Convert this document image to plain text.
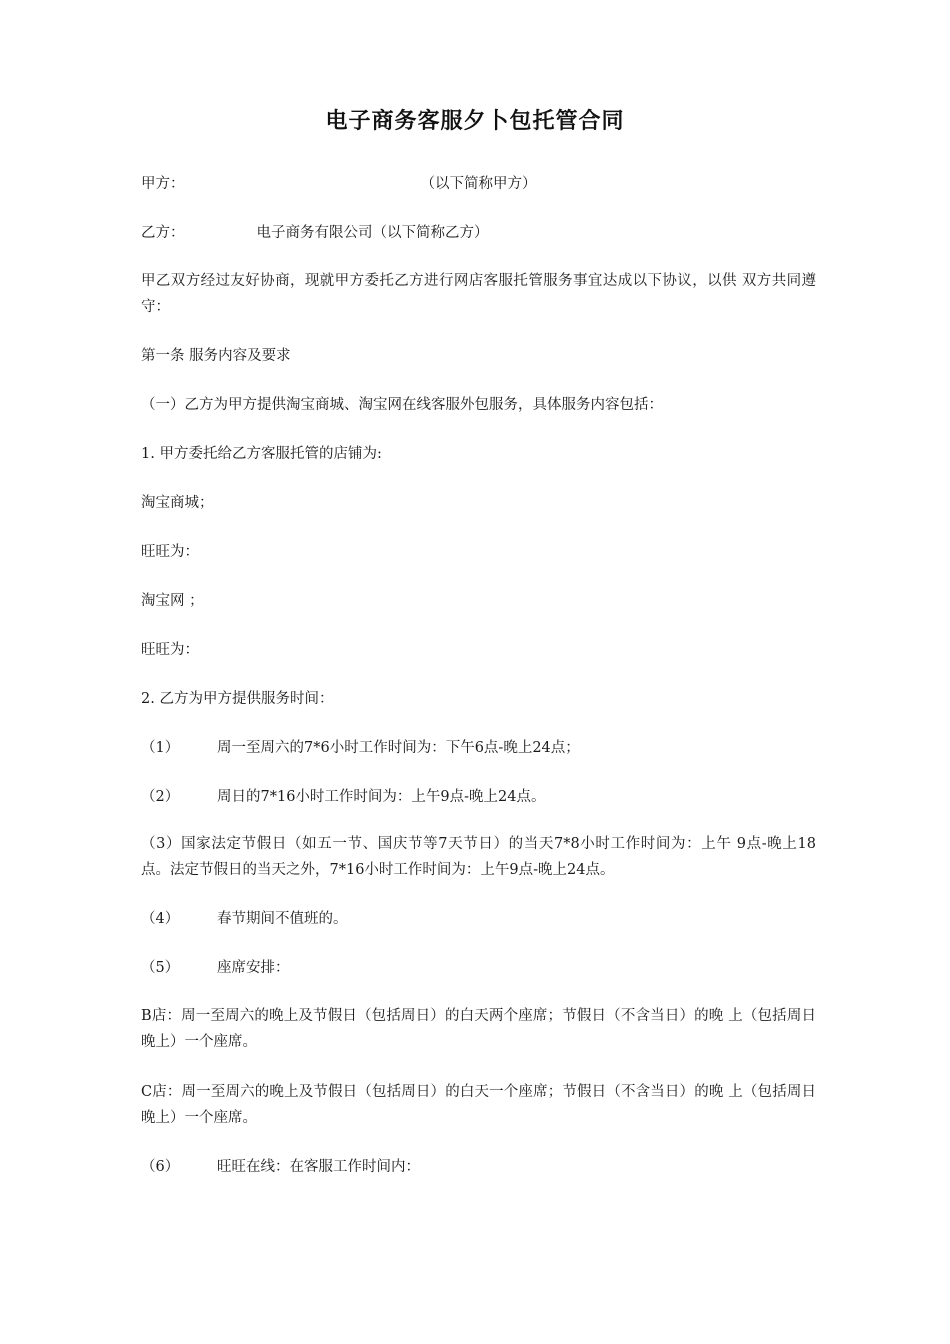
电子商务客服夕卜包托管合同
甲方：	（以下简称甲方）
乙方：	电子商务有限公司（以下简称乙方）
甲乙双方经过友好协商，现就甲方委托乙方进行网店客服托管服务事宜达成以下协议，以供 双方共同遵守：
第一条 服务内容及要求
（一）乙方为甲方提供淘宝商城、淘宝网在线客服外包服务，具体服务内容包括：
1. 甲方委托给乙方客服托管的店铺为:
淘宝商城；
旺旺为：
淘宝网 ；
旺旺为：
2. 乙方为甲方提供服务时间：
（1）	周一至周六的7*6小时工作时间为：下午6点-晚上24点；
（2）	周日的7*16小时工作时间为：上午9点-晚上24点。
（3）国家法定节假日（如五一节、国庆节等7天节日）的当天7*8小时工作时间为：上午 9点-晚上18点。法定节假日的当天之外，7*16小时工作时间为：上午9点-晚上24点。
（4）	春节期间不值班的。
（5）	座席安排：
B店：周一至周六的晚上及节假日（包括周日）的白天两个座席；节假日（不含当日）的晚 上（包括周日晚上）一个座席。
C店：周一至周六的晚上及节假日（包括周日）的白天一个座席；节假日（不含当日）的晚 上（包括周日晚上）一个座席。
（6）	旺旺在线：在客服工作时间内：
